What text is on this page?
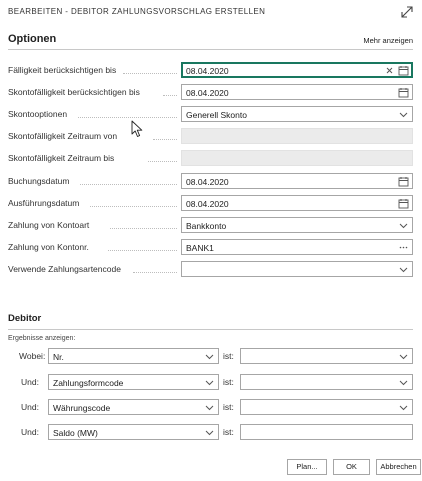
BEARBEITEN - DEBITOR ZAHLUNGSVORSCHLAG ERSTELLEN
Optionen	Mehr anzeigen
Fälligkeit berücksichtigen bis	08.04.2020
Skontofälligkeit berücksichtigen bis	08.04.2020
Skontooptionen	Generell Skonto
Skontofälligkeit Zeitraum von
Skontofälligkeit Zeitraum bis
Buchungsdatum	08.04.2020
Ausführungsdatum	08.04.2020
Zahlung von Kontoart	Bankkonto
Zahlung von Kontonr.	BANK1
Verwende Zahlungsartencode
Debitor
Ergebnisse anzeigen:
Wobei: Nr.	ist:
Und: Zahlungsformcode	ist:
Und: Währungscode	ist:
Und: Saldo (MW)	ist:
Plan...	OK	Abbrechen
